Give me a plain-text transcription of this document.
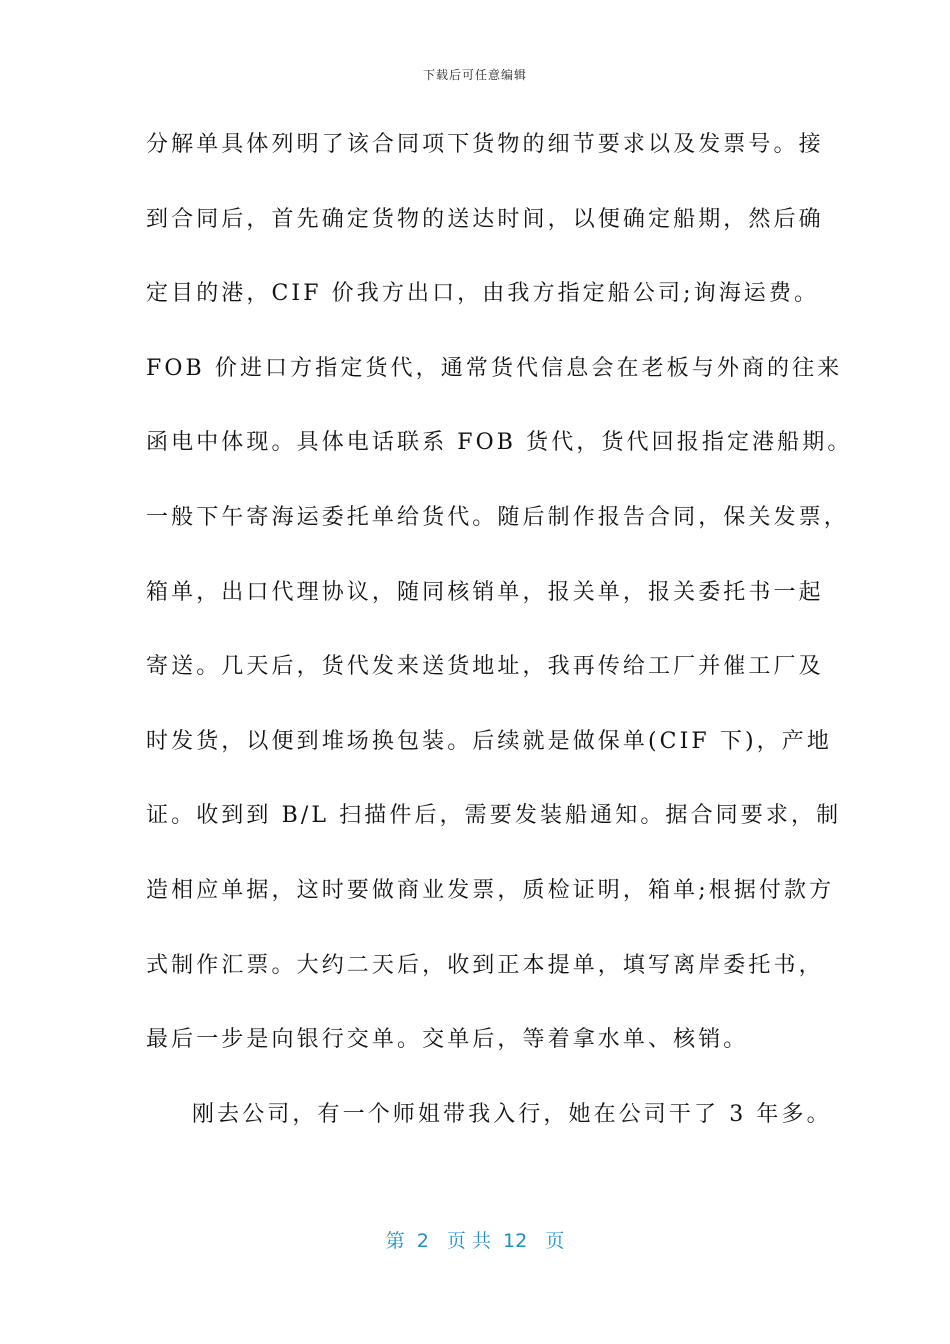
下载后可任意编辑
分解单具体列明了该合同项下货物的细节要求以及发票号。接
到合同后，首先确定货物的送达时间，以便确定船期，然后确
定目的港，CIF 价我方出口，由我方指定船公司;询海运费。
FOB 价进口方指定货代，通常货代信息会在老板与外商的往来
函电中体现。具体电话联系 FOB 货代，货代回报指定港船期。
一般下午寄海运委托单给货代。随后制作报告合同，保关发票，
箱单，出口代理协议，随同核销单，报关单，报关委托书一起
寄送。几天后，货代发来送货地址，我再传给工厂并催工厂及
时发货，以便到堆场换包装。后续就是做保单(CIF 下)，产地
证。收到到 B/L 扫描件后，需要发装船通知。据合同要求，制
造相应单据，这时要做商业发票，质检证明，箱单;根据付款方
式制作汇票。大约二天后，收到正本提单，填写离岸委托书，
最后一步是向银行交单。交单后，等着拿水单、核销。
刚去公司，有一个师姐带我入行，她在公司干了 3 年多。
第  2   页 共  12   页
